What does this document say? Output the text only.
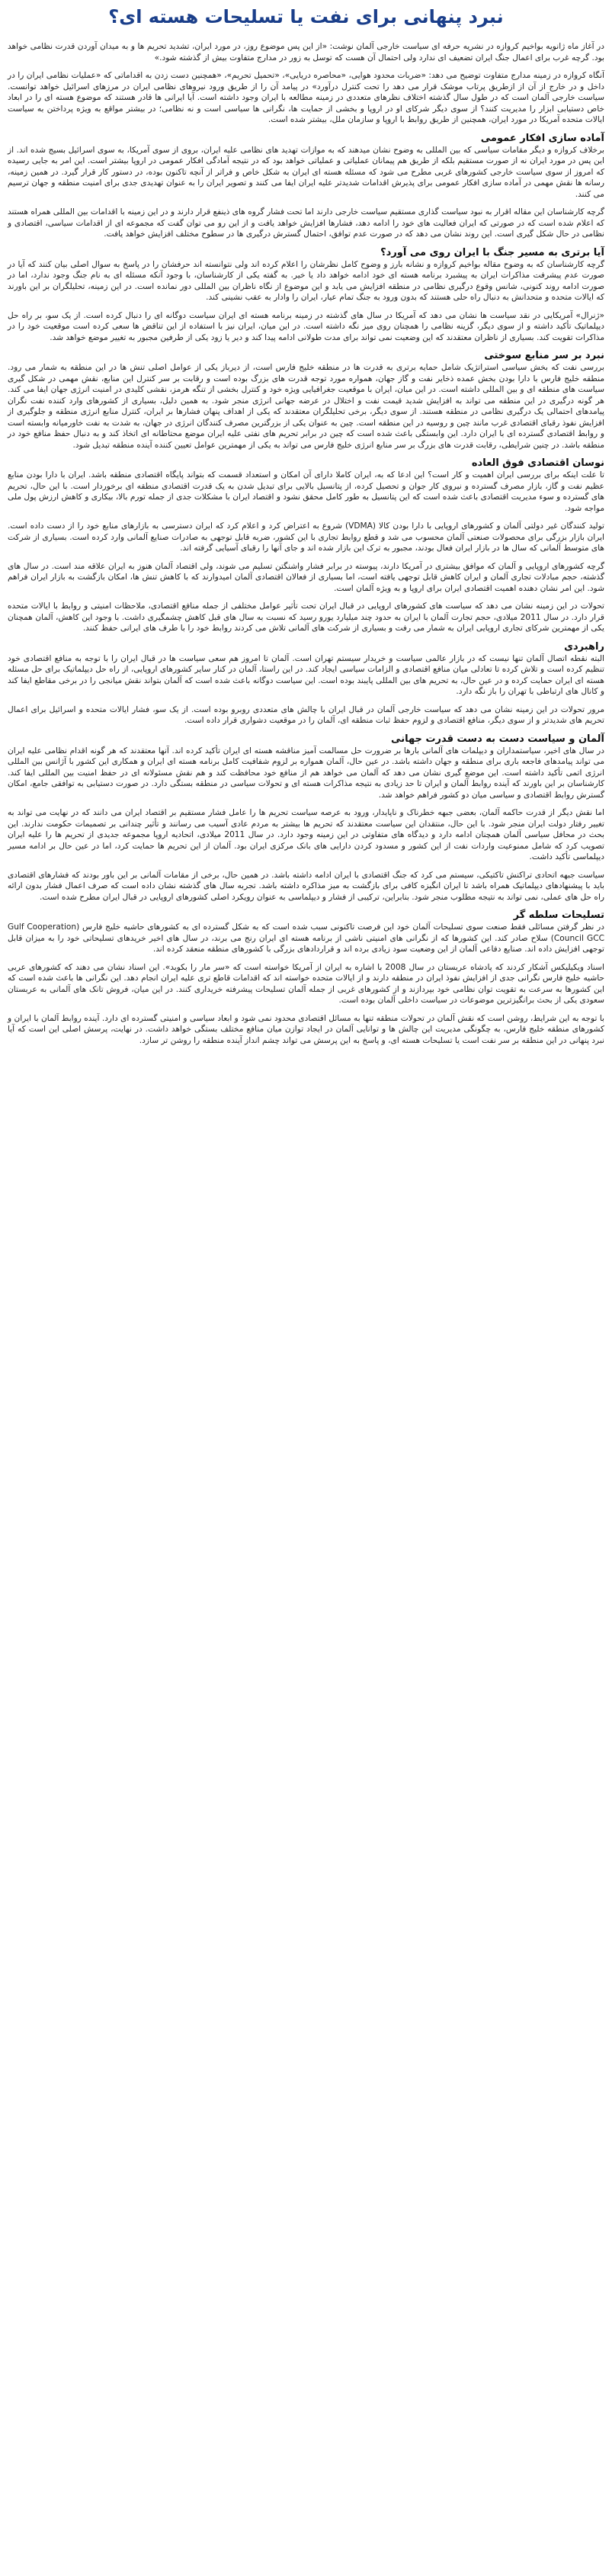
نبرد پنهانی برای نفت یا تسلیحات هسته ای؟

در آغاز ماه ژانویه بواخیم کروازه در نشریه حرفه ای سیاست خارجی آلمان نوشت: «از این پس موضوع روز، در مورد ایران، تشدید تحریم ها و به میدان آوردن قدرت نظامی خواهد بود. گرچه غرب برای اعمال جنگ ایران تضعیف ای ندارد ولی احتمال آن هست که توسل به زور در مدارج متفاوت بیش از گذشته شود.»

آنگاه کروازه در زمینه مدارج متفاوت توضیح می دهد: «ضربات محدود هوایی، «محاصره دریایی»، «تحمیل تحریم»، «همچنین دست زدن به اقداماتی که «عملیات نظامی ایران را در داخل و در خارج از آن از ازطریق پرتاب موشک قرار می دهد را تحت کنترل درآورد» در پیامد آن را از طریق ورود نیروهای نظامی ایران در مرزهای اسرائیل خواهد توانست. سیاست خارجی آلمان است که در طول سال گذشته اختلاف نظرهای متعددی در زمینه مطالعه با ایران وجود داشته است. آیا ایرانی ها قادر هستند که موضوع هسته ای را در ابعاد خاص دستیابی ابزار را مدیریت کنند؟ از سوی دیگر شرکای او در اروپا و بخشی از حمایت ها، نگرانی ها سیاسی است و نه نظامی؛ در بیشتر مواقع به ویژه پرداختن به سیاست ایالات متحده آمریکا در مورد ایران، همچنین از طریق روابط با اروپا و سازمان ملل، بیشتر شده است.

آماده سازی افکار عمومی

برخلاف کروازه و دیگر مقامات سیاسی که بین المللی به وضوح نشان میدهند که به موازات تهدید های نظامی علیه ایران، بروی از سوی آمریکا، به سوی اسرائیل بسیج شده اند. از این پس در مورد ایران نه از صورت مستقیم بلکه از طریق هم پیمانان عملیاتی و عملیاتی خواهد بود که در نتیجه آمادگی افکار عمومی در اروپا بیشتر است. این امر به جایی رسیده که امروز از سوی سیاست خارجی کشورهای غربی مطرح می شود که مسئله هسته ای ایران به شکل خاص و فراتر از آنچه تاکنون بوده، در دستور کار قرار گیرد. در همین زمینه، رسانه ها نقش مهمی در آماده سازی افکار عمومی برای پذیرش اقدامات شدیدتر علیه ایران ایفا می کنند و تصویر ایران را به عنوان تهدیدی جدی برای امنیت منطقه و جهان ترسیم می کنند.

گرچه کارشناسان این مقاله اقرار به نبود سیاست گذاری مستقیم سیاست خارجی دارند اما تحت فشار گروه های ذینفع قرار دارند و در این زمینه با اقدامات بین المللی همراه هستند که اعلام شده است که در صورتی که ایران فعالیت های خود را ادامه دهد، فشارها افزایش خواهد یافت و از این رو می توان گفت که مجموعه ای از اقدامات سیاسی، اقتصادی و نظامی در حال شکل گیری است. این روند نشان می دهد که در صورت عدم توافق، احتمال گسترش درگیری ها در سطوح مختلف افزایش خواهد یافت.

آیا برتری به مسیر جنگ با ایران روی می آورد؟

گرچه کارشناسان که به وضوح مقاله بواخیم کروازه و نشانه بارز و وضوح کامل نظرشان را اعلام کرده اند ولی نتوانسته اند حرفشان را در پاسخ به سوال اصلی بیان کنند که آیا در صورت عدم پیشرفت مذاکرات ایران به پیشبرد برنامه هسته ای خود ادامه خواهد داد یا خیر. به گفته یکی از کارشناسان، با وجود آنکه مسئله ای به نام جنگ وجود ندارد، اما در صورت ادامه روند کنونی، شانس وقوع درگیری نظامی در منطقه افزایش می یابد و این موضوع از نگاه ناظران بین المللی دور نمانده است. در این زمینه، تحلیلگران بر این باورند که ایالات متحده و متحدانش به دنبال راه حلی هستند که بدون ورود به جنگ تمام عیار، ایران را وادار به عقب نشینی کند.

«ژنرال» آمریکایی در نقد سیاست ها نشان می دهد که آمریکا در سال های گذشته در زمینه برنامه هسته ای ایران سیاست دوگانه ای را دنبال کرده است. از یک سو، بر راه حل دیپلماتیک تأکید داشته و از سوی دیگر، گزینه نظامی را همچنان روی میز نگه داشته است. در این میان، ایران نیز با استفاده از این تناقض ها سعی کرده است موقعیت خود را در مذاکرات تقویت کند. بسیاری از ناظران معتقدند که این وضعیت نمی تواند برای مدت طولانی ادامه پیدا کند و دیر یا زود یکی از طرفین مجبور به تغییر موضع خواهد شد.

نبرد بر سر منابع سوختی

بررسی نفت که بخش سیاسی استراتژیک شامل حمایه برتری به قدرت ها در منطقه خلیج فارس است، از دیرباز یکی از عوامل اصلی تنش ها در این منطقه به شمار می رود. منطقه خلیج فارس با دارا بودن بخش عمده ذخایر نفت و گاز جهان، همواره مورد توجه قدرت های بزرگ بوده است و رقابت بر سر کنترل این منابع، نقش مهمی در شکل گیری سیاست های منطقه ای و بین المللی داشته است. در این میان، ایران با موقعیت جغرافیایی ویژه خود و کنترل بخشی از تنگه هرمز، نقشی کلیدی در امنیت انرژی جهان ایفا می کند. هر گونه درگیری در این منطقه می تواند به افزایش شدید قیمت نفت و اختلال در عرضه جهانی انرژی منجر شود. به همین دلیل، بسیاری از کشورهای وارد کننده نفت نگران پیامدهای احتمالی یک درگیری نظامی در منطقه هستند. از سوی دیگر، برخی تحلیلگران معتقدند که یکی از اهداف پنهان فشارها بر ایران، کنترل منابع انرژی منطقه و جلوگیری از افزایش نفوذ رقبای اقتصادی غرب مانند چین و روسیه در این منطقه است. چین به عنوان یکی از بزرگترین مصرف کنندگان انرژی در جهان، به شدت به نفت خاورمیانه وابسته است و روابط اقتصادی گسترده ای با ایران دارد. این وابستگی باعث شده است که چین در برابر تحریم های نفتی علیه ایران موضع محتاطانه ای اتخاذ کند و به دنبال حفظ منافع خود در منطقه باشد. در چنین شرایطی، رقابت قدرت های بزرگ بر سر منابع انرژی خلیج فارس می تواند به یکی از مهمترین عوامل تعیین کننده آینده منطقه تبدیل شود.

نوسان اقتصادی فوق العاده

تا علت اینکه برای بررسی ایران اهمیت و کار است؟ این ادعا که به، ایران کاملا دارای آن امکان و استعداد قسمت که بتواند پایگاه اقتصادی منطقه باشد. ایران با دارا بودن منابع عظیم نفت و گاز، بازار مصرف گسترده و نیروی کار جوان و تحصیل کرده، از پتانسیل بالایی برای تبدیل شدن به یک قدرت اقتصادی منطقه ای برخوردار است. با این حال، تحریم های گسترده و سوء مدیریت اقتصادی باعث شده است که این پتانسیل به طور کامل محقق نشود و اقتصاد ایران با مشکلات جدی از جمله تورم بالا، بیکاری و کاهش ارزش پول ملی مواجه شود.

تولید کنندگان غیر دولتی آلمان و کشورهای اروپایی با دارا بودن کالا (VDMA) شروع به اعتراض کرد و اعلام کرد که ایران دسترسی به بازارهای منابع خود را از دست داده است. ایران بازار بزرگی برای محصولات صنعتی آلمان محسوب می شد و قطع روابط تجاری با این کشور، ضربه قابل توجهی به صادرات صنایع آلمانی وارد کرده است. بسیاری از شرکت های متوسط آلمانی که سال ها در بازار ایران فعال بودند، مجبور به ترک این بازار شده اند و جای آنها را رقبای آسیایی گرفته اند.

گرچه کشورهای اروپایی و آلمان که موافق بیشتری در آمریکا دارند، پیوسته در برابر فشار واشنگتن تسلیم می شوند، ولی اقتصاد آلمان هنوز به ایران علاقه مند است. در سال های گذشته، حجم مبادلات تجاری آلمان و ایران کاهش قابل توجهی یافته است، اما بسیاری از فعالان اقتصادی آلمان امیدوارند که با کاهش تنش ها، امکان بازگشت به بازار ایران فراهم شود. این امر نشان دهنده اهمیت اقتصادی ایران برای اروپا و به ویژه آلمان است.

تحولات در این زمینه نشان می دهد که سیاست های کشورهای اروپایی در قبال ایران تحت تأثیر عوامل مختلفی از جمله منافع اقتصادی، ملاحظات امنیتی و روابط با ایالات متحده قرار دارد. در سال 2011 میلادی، حجم تجارت آلمان با ایران به حدود چند میلیارد یورو رسید که نسبت به سال های قبل کاهش چشمگیری داشت. با وجود این کاهش، آلمان همچنان یکی از مهمترین شرکای تجاری اروپایی ایران به شمار می رفت و بسیاری از شرکت های آلمانی تلاش می کردند روابط خود را با طرف های ایرانی حفظ کنند.

راهبردی

البته نقطه اتصال آلمان تنها نیست که در بازار عالمی سیاست و خریدار سیستم تهران است. آلمان تا امروز هم سعی سیاست ها در قبال ایران را با توجه به منافع اقتصادی خود تنظیم کرده است و تلاش کرده تا تعادلی میان منافع اقتصادی و الزامات سیاسی ایجاد کند. در این راستا، آلمان در کنار سایر کشورهای اروپایی، از راه حل دیپلماتیک برای حل مسئله هسته ای ایران حمایت کرده و در عین حال، به تحریم های بین المللی پایبند بوده است. این سیاست دوگانه باعث شده است که آلمان بتواند نقش میانجی را در برخی مقاطع ایفا کند و کانال های ارتباطی با تهران را باز نگه دارد.

مرور تحولات در این زمینه نشان می دهد که سیاست خارجی آلمان در قبال ایران با چالش های متعددی روبرو بوده است. از یک سو، فشار ایالات متحده و اسرائیل برای اعمال تحریم های شدیدتر و از سوی دیگر، منافع اقتصادی و لزوم حفظ ثبات منطقه ای، آلمان را در موقعیت دشواری قرار داده است.

آلمان و سیاست دست به دست قدرت جهانی

در سال های اخیر، سیاستمداران و دیپلمات های آلمانی بارها بر ضرورت حل مسالمت آمیز مناقشه هسته ای ایران تأکید کرده اند. آنها معتقدند که هر گونه اقدام نظامی علیه ایران می تواند پیامدهای فاجعه باری برای منطقه و جهان داشته باشد. در عین حال، آلمان همواره بر لزوم شفافیت کامل برنامه هسته ای ایران و همکاری این کشور با آژانس بین المللی انرژی اتمی تأکید داشته است. این موضع گیری نشان می دهد که آلمان می خواهد هم از منافع خود محافظت کند و هم نقش مسئولانه ای در حفظ امنیت بین المللی ایفا کند. کارشناسان بر این باورند که آینده روابط آلمان و ایران تا حد زیادی به نتیجه مذاکرات هسته ای و تحولات سیاسی در منطقه بستگی دارد. در صورت دستیابی به توافقی جامع، امکان گسترش روابط اقتصادی و سیاسی میان دو کشور فراهم خواهد شد.

اما نقش دیگر از قدرت حاکمه آلمان، بعضی جبهه خطرناک و ناپایدار، ورود به عرصه سیاست تحریم ها را عامل فشار مستقیم بر اقتصاد ایران می دانند که در نهایت می تواند به تغییر رفتار دولت ایران منجر شود. با این حال، منتقدان این سیاست معتقدند که تحریم ها بیشتر به مردم عادی آسیب می رسانند و تأثیر چندانی بر تصمیمات حکومت ندارند. این بحث در محافل سیاسی آلمان همچنان ادامه دارد و دیدگاه های متفاوتی در این زمینه وجود دارد. در سال 2011 میلادی، اتحادیه اروپا مجموعه جدیدی از تحریم ها را علیه ایران تصویب کرد که شامل ممنوعیت واردات نفت از این کشور و مسدود کردن دارایی های بانک مرکزی ایران بود. آلمان از این تحریم ها حمایت کرد، اما در عین حال بر ادامه مسیر دیپلماسی تأکید داشت.

سیاست جبهه اتحادی تراکنش تاکتیکی، سیستم می کرد که جنگ اقتصادی با ایران ادامه داشته باشد. در همین حال، برخی از مقامات آلمانی بر این باور بودند که فشارهای اقتصادی باید با پیشنهادهای دیپلماتیک همراه باشد تا ایران انگیزه کافی برای بازگشت به میز مذاکره داشته باشد. تجربه سال های گذشته نشان داده است که صرف اعمال فشار بدون ارائه راه حل های عملی، نمی تواند به نتیجه مطلوب منجر شود. بنابراین، ترکیبی از فشار و دیپلماسی به عنوان رویکرد اصلی کشورهای اروپایی در قبال ایران مطرح شده است.

تسلیحات سلطه گر

در نظر گرفتن مسائلی فقط صنعت سوی تسلیحات آلمان خود این فرصت تاکنونی سبب شده است که به شکل گسترده ای به کشورهای حاشیه خلیج فارس (Gulf Cooperation Council GCC) سلاح صادر کند. این کشورها که از نگرانی های امنیتی ناشی از برنامه هسته ای ایران رنج می برند، در سال های اخیر خریدهای تسلیحاتی خود را به میزان قابل توجهی افزایش داده اند. صنایع دفاعی آلمان از این وضعیت سود زیادی برده اند و قراردادهای بزرگی با کشورهای منطقه منعقد کرده اند.

اسناد ویکیلیکس آشکار کردند که پادشاه عربستان در سال 2008 با اشاره به ایران از آمریکا خواسته است که «سر مار را بکوبد». این اسناد نشان می دهند که کشورهای عربی حاشیه خلیج فارس نگرانی جدی از افزایش نفوذ ایران در منطقه دارند و از ایالات متحده خواسته اند که اقدامات قاطع تری علیه ایران انجام دهد. این نگرانی ها باعث شده است که این کشورها به سرعت به تقویت توان نظامی خود بپردازند و از کشورهای غربی از جمله آلمان تسلیحات پیشرفته خریداری کنند. در این میان، فروش تانک های آلمانی به عربستان سعودی یکی از بحث برانگیزترین موضوعات در سیاست داخلی آلمان بوده است.

با توجه به این شرایط، روشن است که نقش آلمان در تحولات منطقه تنها به مسائل اقتصادی محدود نمی شود و ابعاد سیاسی و امنیتی گسترده ای دارد. آینده روابط آلمان با ایران و کشورهای منطقه خلیج فارس، به چگونگی مدیریت این چالش ها و توانایی آلمان در ایجاد توازن میان منافع مختلف بستگی خواهد داشت. در نهایت، پرسش اصلی این است که آیا نبرد پنهانی در این منطقه بر سر نفت است یا تسلیحات هسته ای، و پاسخ به این پرسش می تواند چشم انداز آینده منطقه را روشن تر سازد.
